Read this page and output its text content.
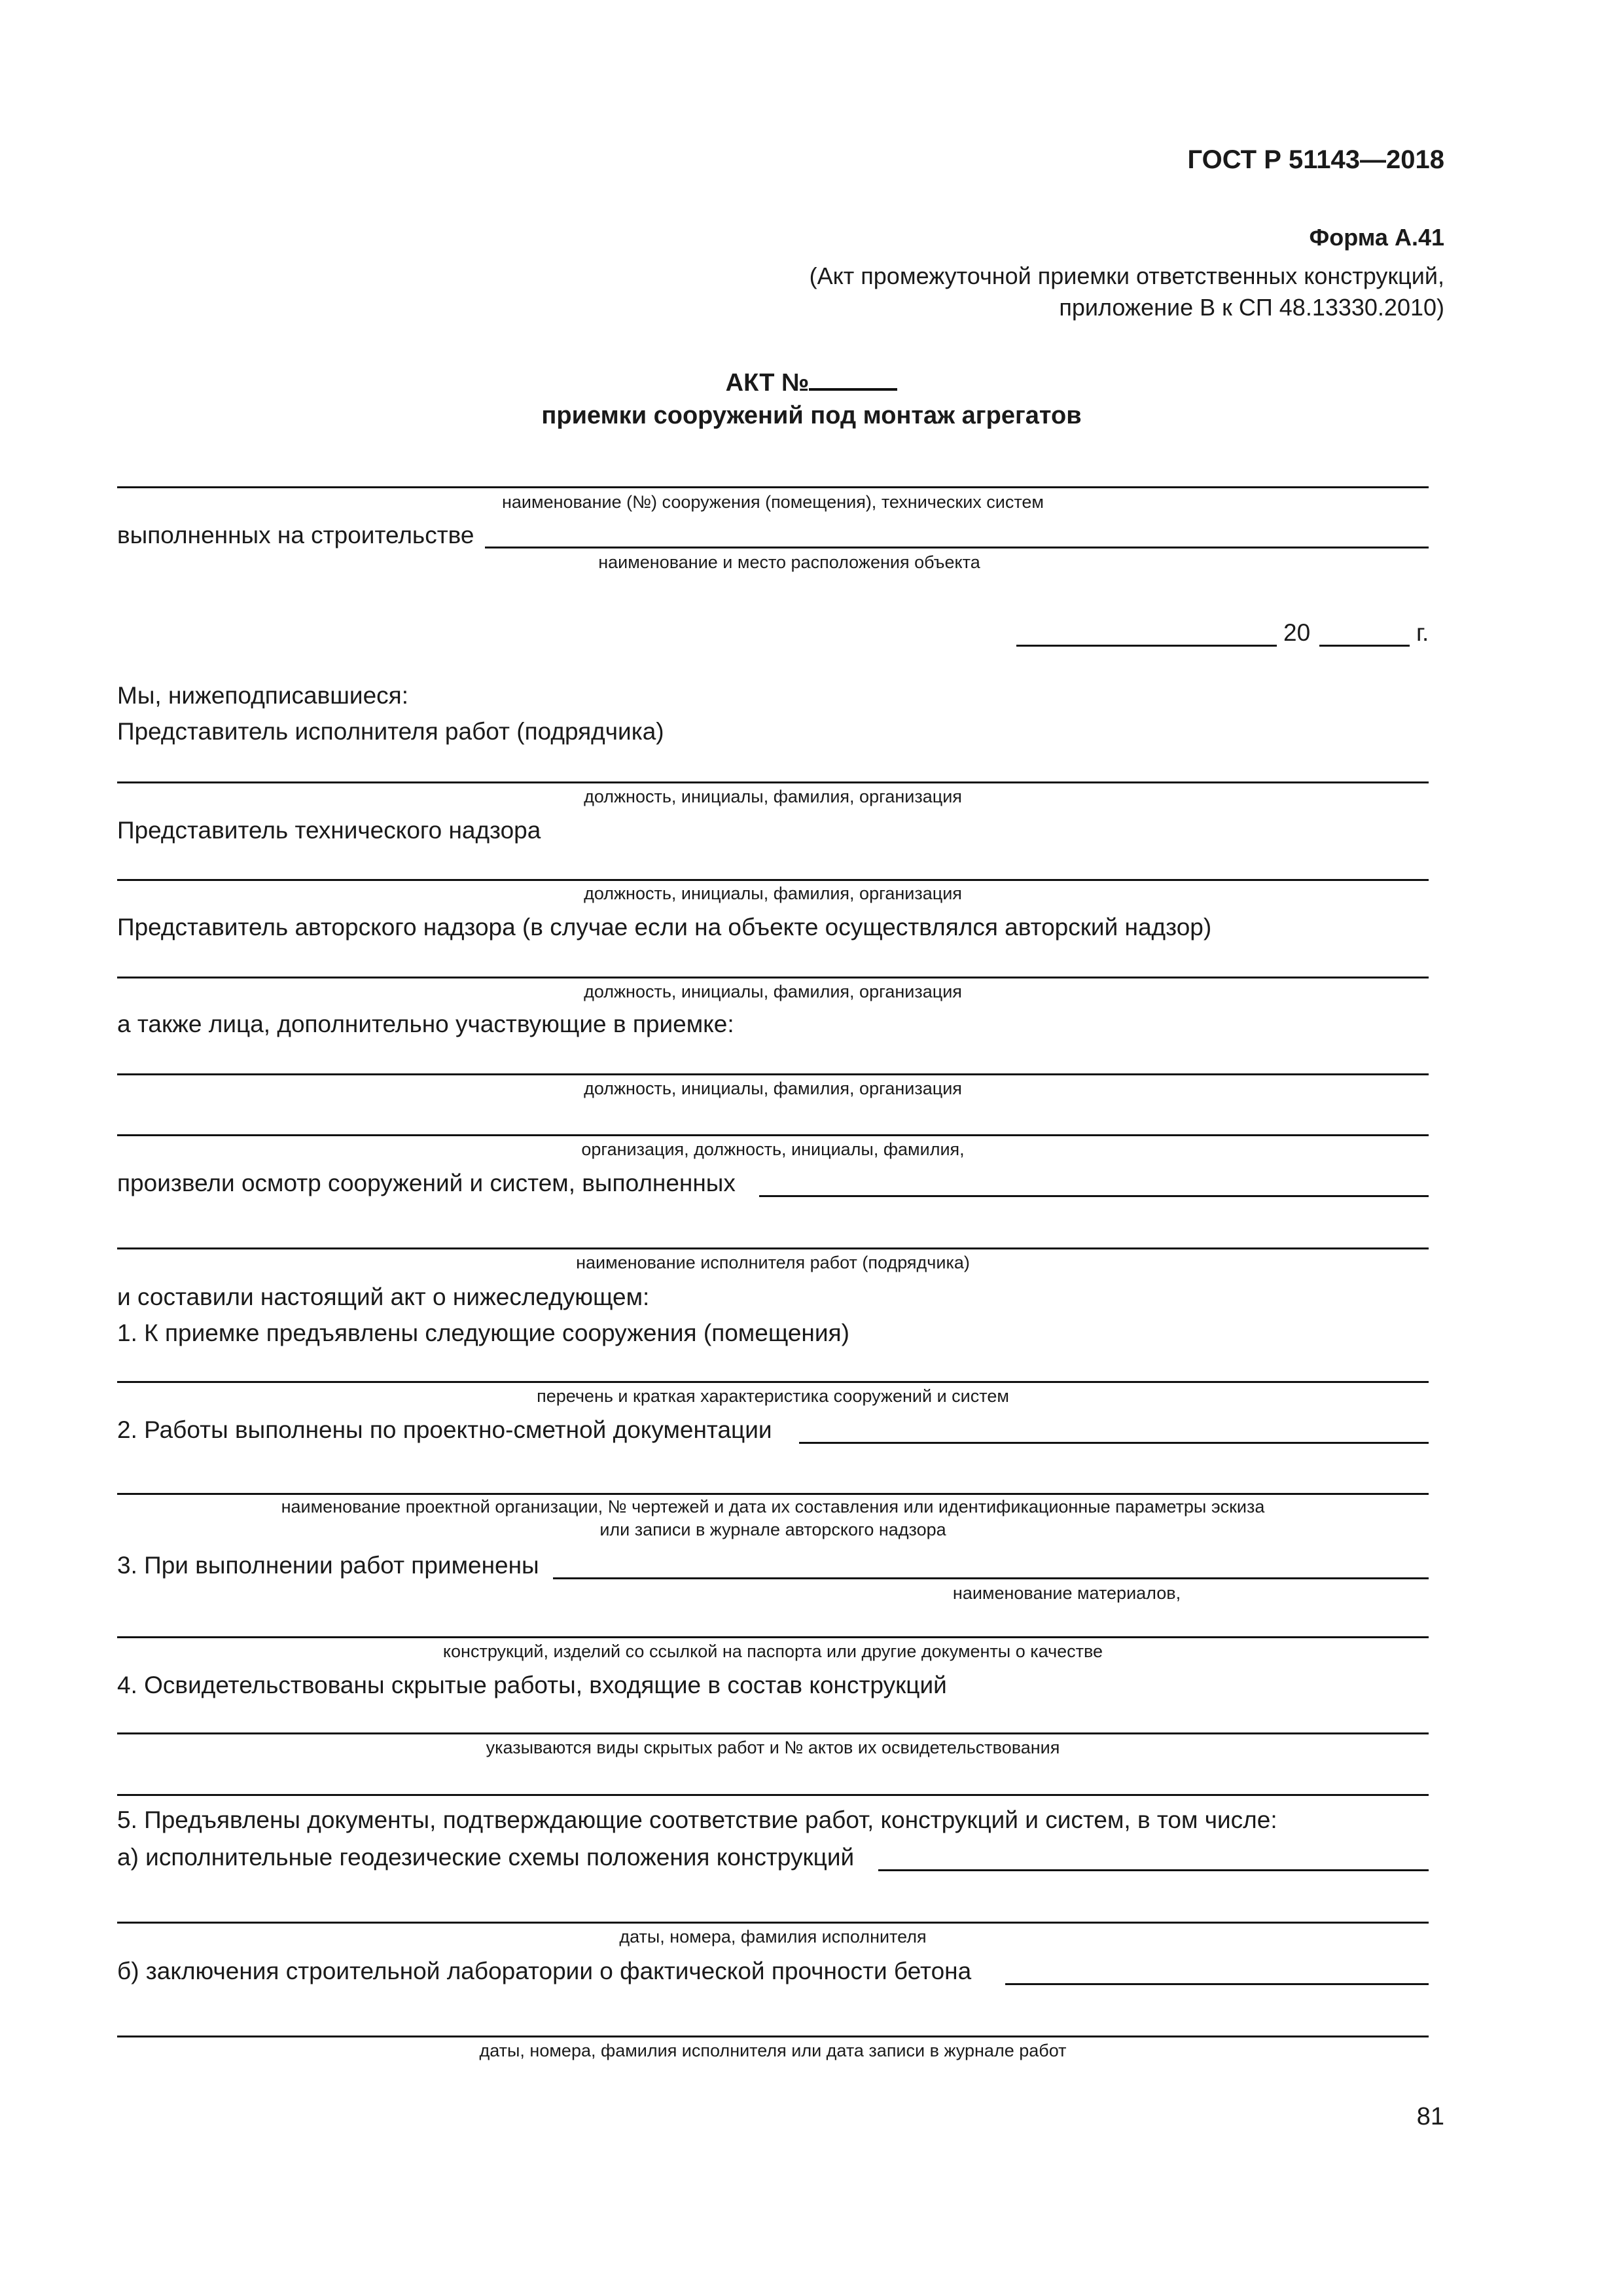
ГОСТ Р 51143—2018
Форма А.41
(Акт промежуточной приемки ответственных конструкций,
приложение В к СП 48.13330.2010)
АКТ №
приемки сооружений под монтаж агрегатов
наименование (№) сооружения (помещения), технических систем
выполненных на строительстве
наименование и место расположения объекта
20	г.
Мы, нижеподписавшиеся:
Представитель исполнителя работ (подрядчика)
должность, инициалы, фамилия, организация
Представитель технического надзора
должность, инициалы, фамилия, организация
Представитель авторского надзора (в случае если на объекте осуществлялся авторский надзор)
должность, инициалы, фамилия, организация
а также лица, дополнительно участвующие в приемке:
должность, инициалы, фамилия, организация
организация, должность, инициалы, фамилия,
произвели осмотр сооружений и систем, выполненных
наименование исполнителя работ (подрядчика)
и составили настоящий акт о нижеследующем:
1. К приемке предъявлены следующие сооружения (помещения)
перечень и краткая характеристика сооружений и систем
2. Работы выполнены по проектно-сметной документации
наименование проектной организации, № чертежей и дата их составления или идентификационные параметры эскиза
или записи в журнале авторского надзора
3. При выполнении работ применены
наименование материалов,
конструкций, изделий со ссылкой на паспорта или другие документы о качестве
4. Освидетельствованы скрытые работы, входящие в состав конструкций
указываются виды скрытых работ и № актов их освидетельствования
5. Предъявлены документы, подтверждающие соответствие работ, конструкций и систем, в том числе:
а) исполнительные геодезические схемы положения конструкций
даты, номера, фамилия исполнителя
б) заключения строительной лаборатории о фактической прочности бетона
даты, номера, фамилия исполнителя или дата записи в журнале работ
81
